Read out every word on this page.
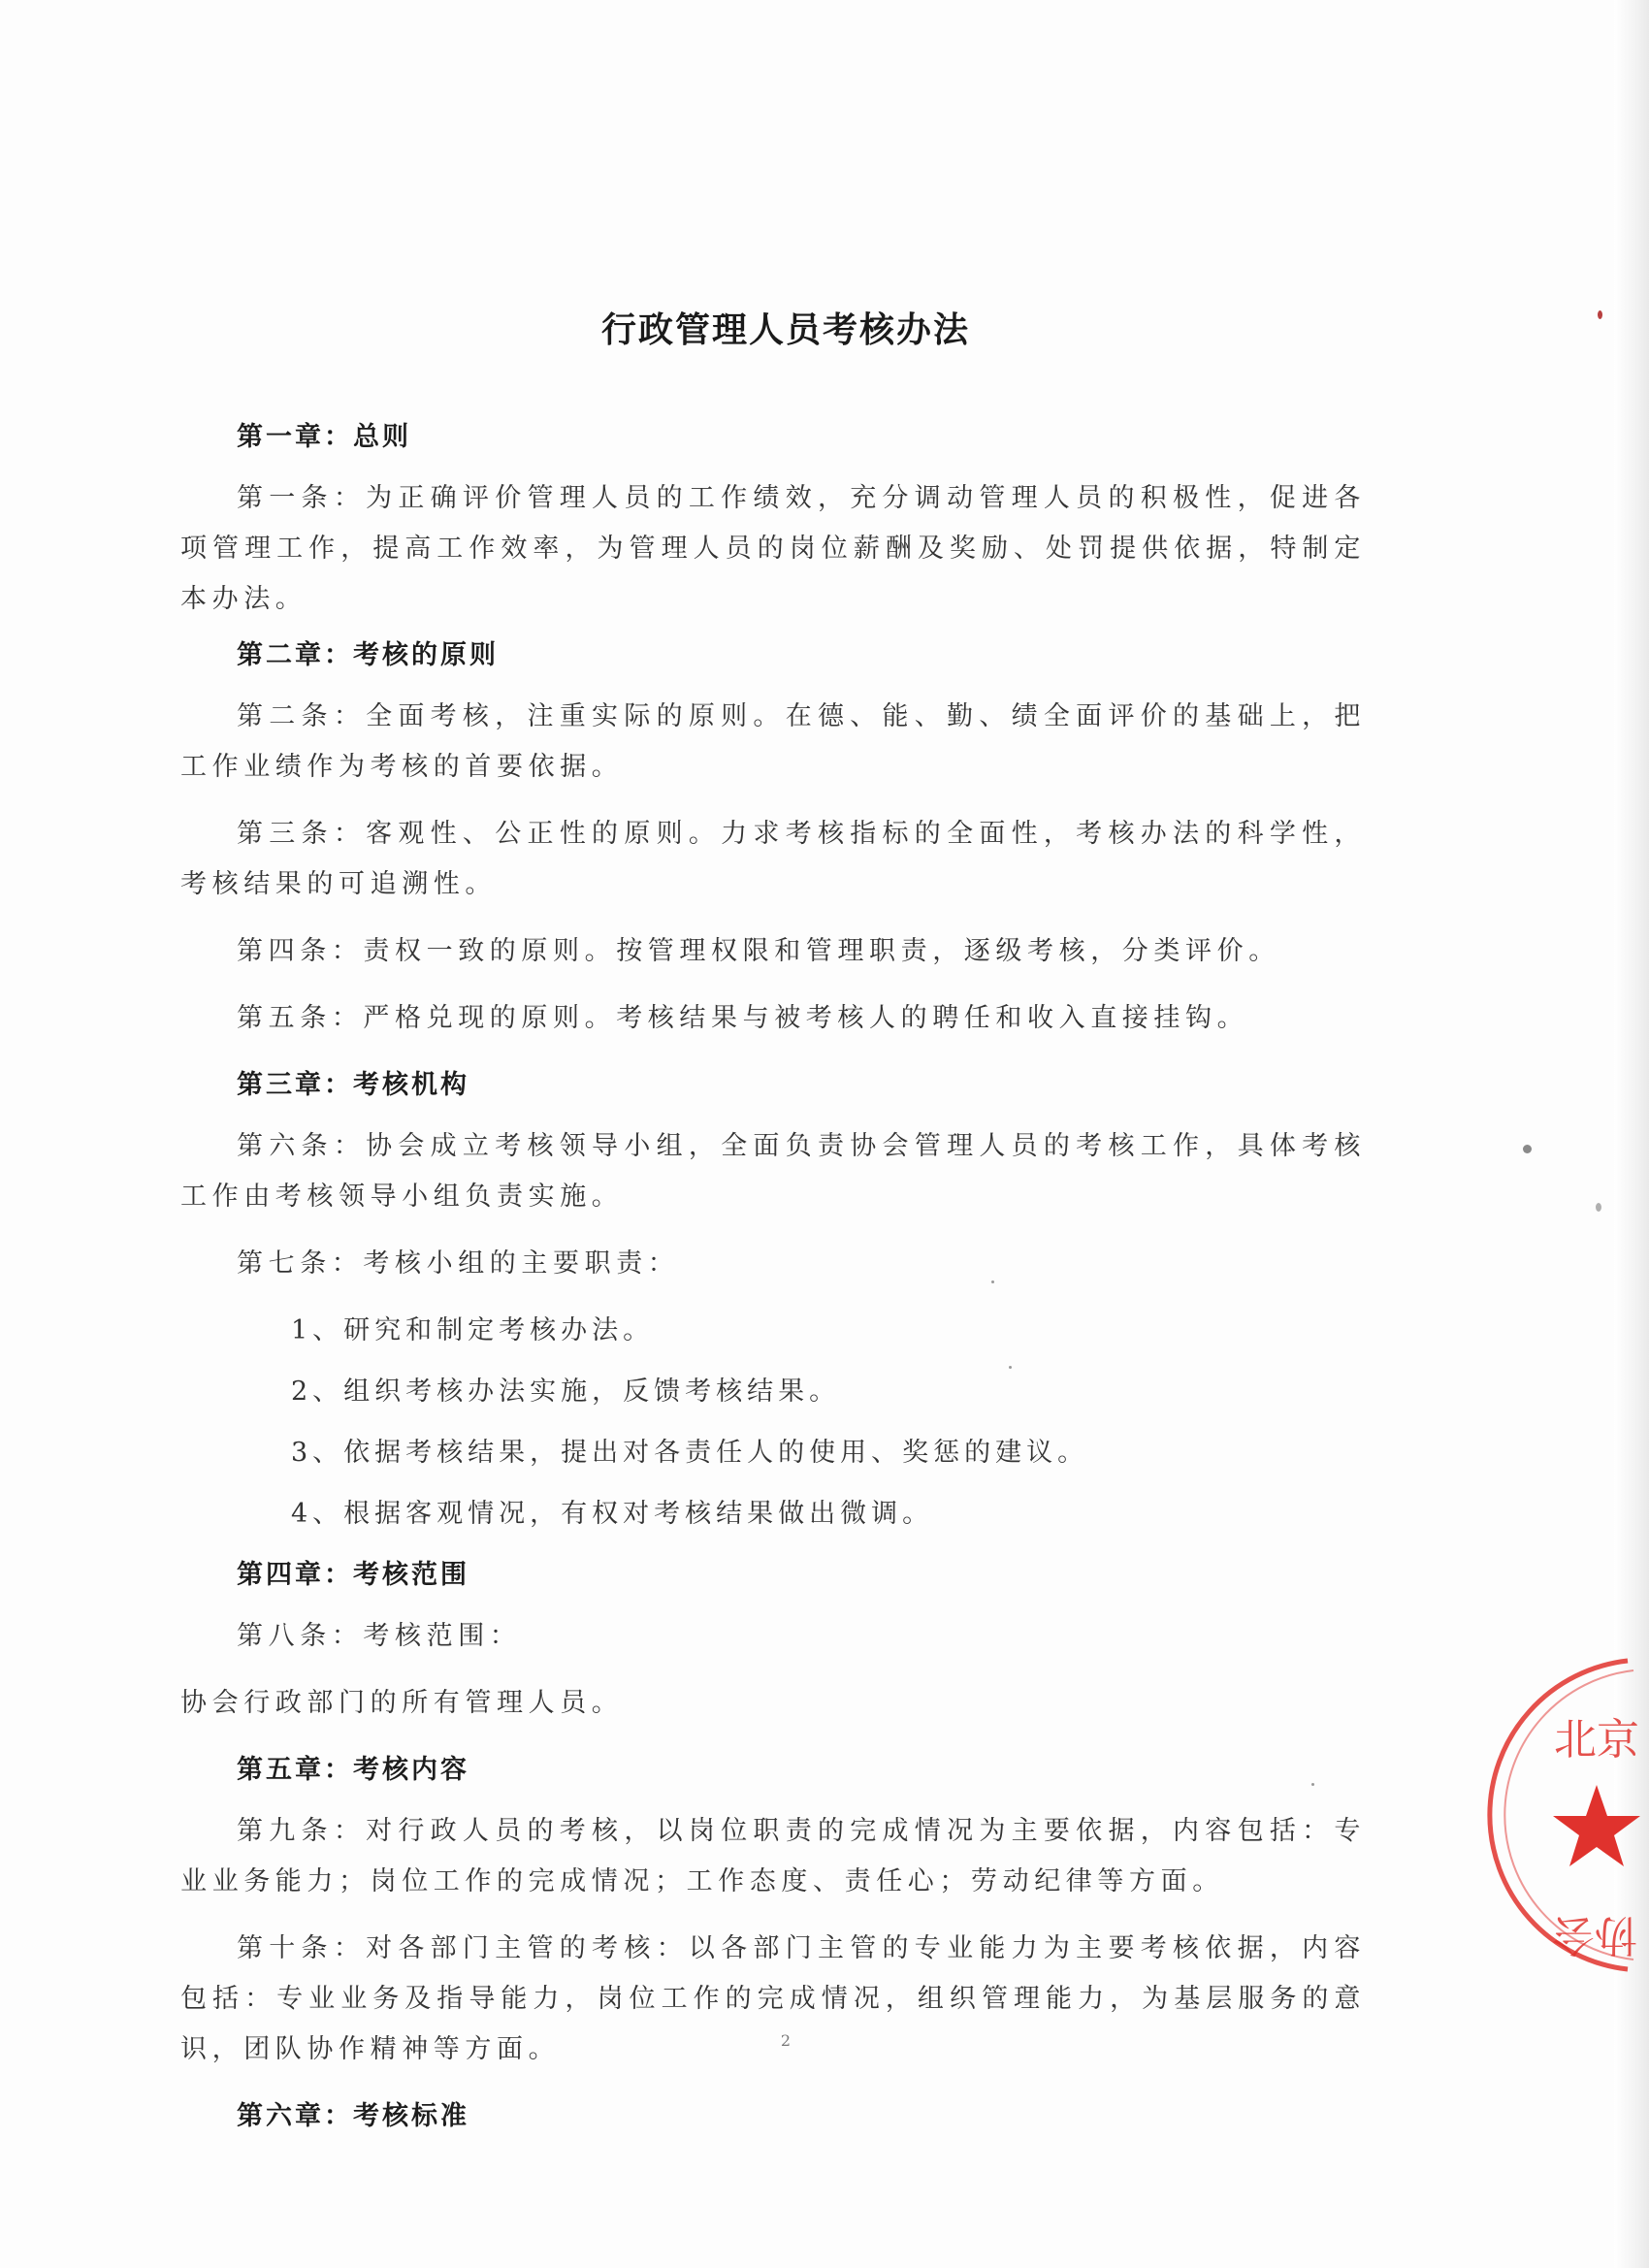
行政管理人员考核办法

第一章：总则

第一条：为正确评价管理人员的工作绩效，充分调动管理人员的积极性，促进各项管理工作，提高工作效率，为管理人员的岗位薪酬及奖励、处罚提供依据，特制定本办法。

第二章：考核的原则

第二条：全面考核，注重实际的原则。在德、能、勤、绩全面评价的基础上，把工作业绩作为考核的首要依据。

第三条：客观性、公正性的原则。力求考核指标的全面性，考核办法的科学性，考核结果的可追溯性。

第四条：责权一致的原则。按管理权限和管理职责，逐级考核，分类评价。

第五条：严格兑现的原则。考核结果与被考核人的聘任和收入直接挂钩。

第三章：考核机构

第六条：协会成立考核领导小组，全面负责协会管理人员的考核工作，具体考核工作由考核领导小组负责实施。

第七条：考核小组的主要职责：

1、研究和制定考核办法。

2、组织考核办法实施，反馈考核结果。

3、依据考核结果，提出对各责任人的使用、奖惩的建议。

4、根据客观情况，有权对考核结果做出微调。

第四章：考核范围

第八条：考核范围：

协会行政部门的所有管理人员。

第五章：考核内容

第九条：对行政人员的考核，以岗位职责的完成情况为主要依据，内容包括：专业业务能力；岗位工作的完成情况；工作态度、责任心；劳动纪律等方面。

第十条：对各部门主管的考核：以各部门主管的专业能力为主要考核依据，内容包括：专业业务及指导能力，岗位工作的完成情况，组织管理能力，为基层服务的意识，团队协作精神等方面。

第六章：考核标准

2
北京
协会
